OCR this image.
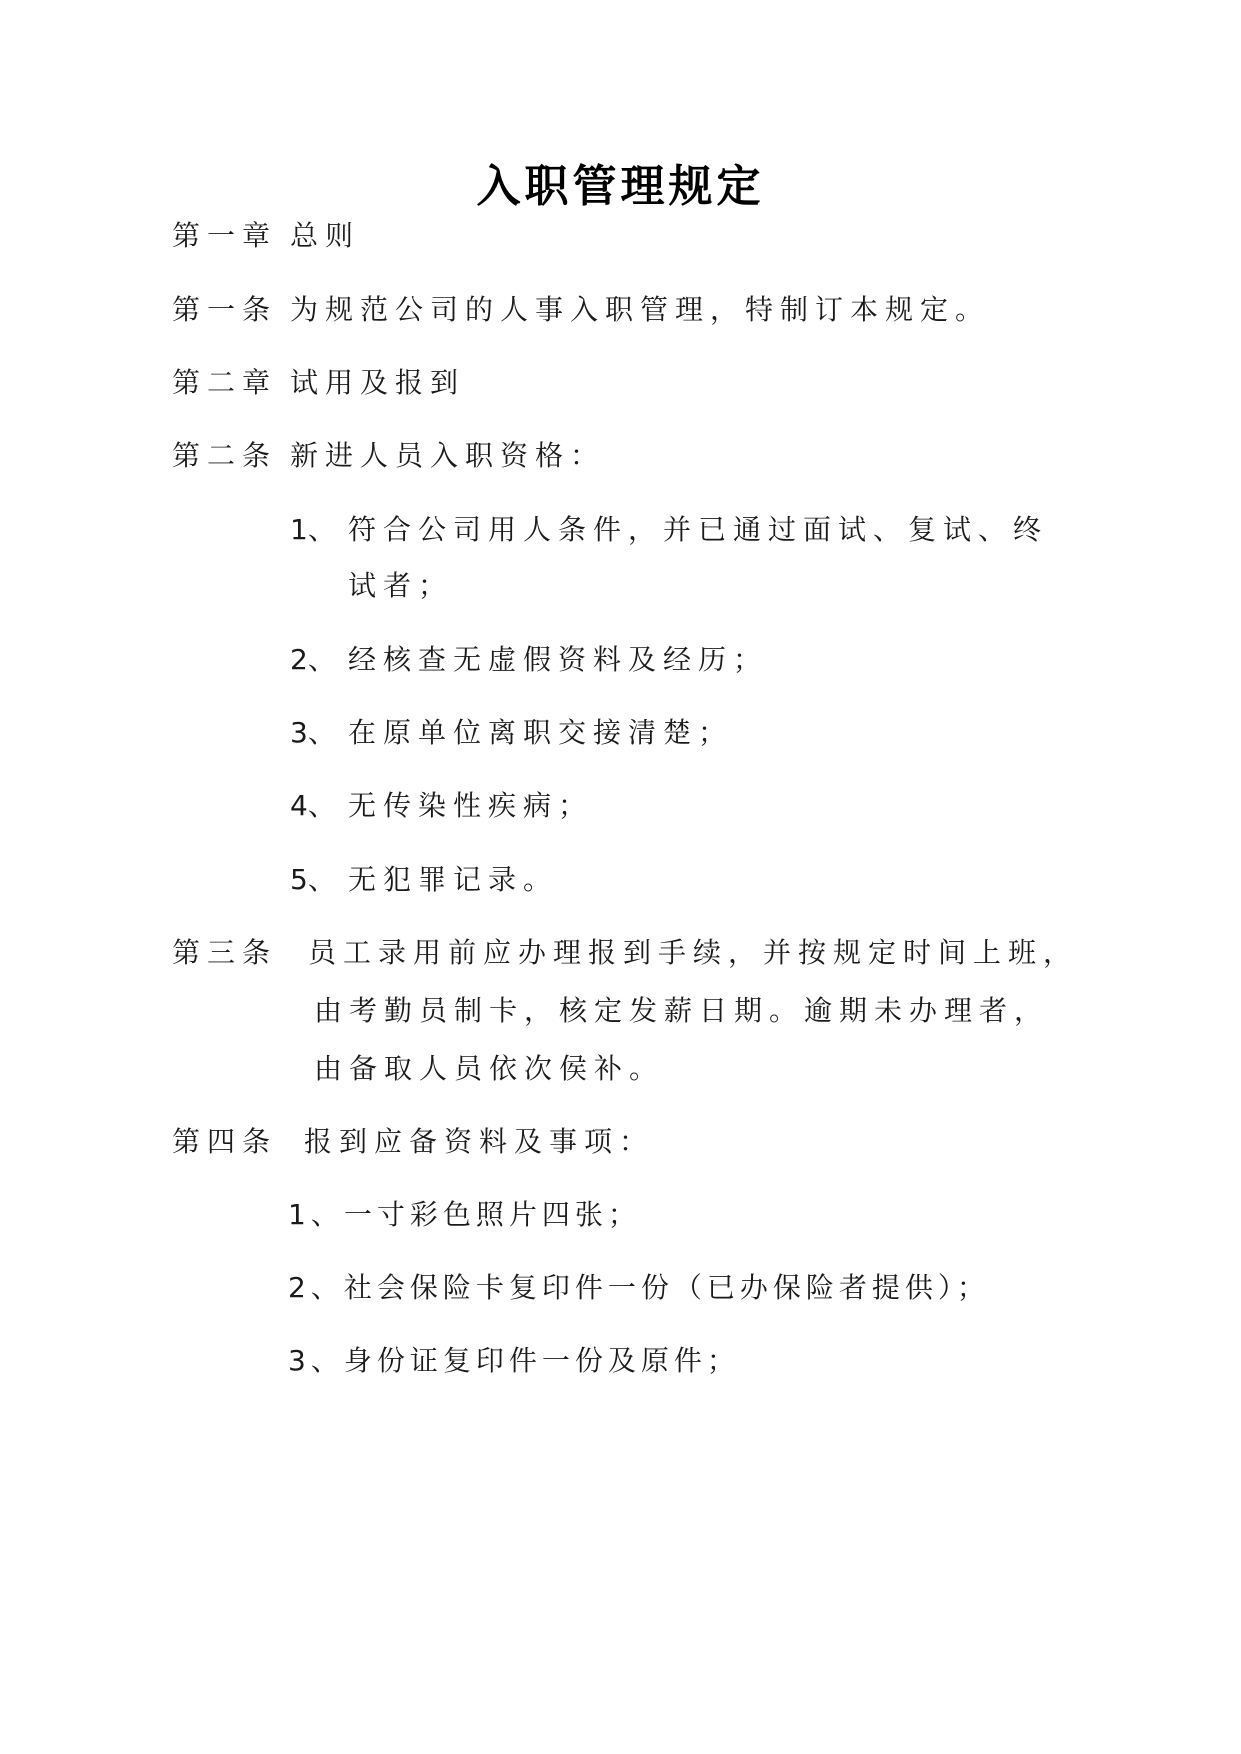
入职管理规定
第一章 总则
第一条 为规范公司的人事入职管理，特制订本规定。
第二章 试用及报到
第二条 新进人员入职资格：
1、 符合公司用人条件，并已通过面试、复试、终
试者；
2、 经核查无虚假资料及经历；
3、 在原单位离职交接清楚；
4、 无传染性疾病；
5、 无犯罪记录。
第三条 员工录用前应办理报到手续，并按规定时间上班，
由考勤员制卡，核定发薪日期。逾期未办理者，
由备取人员依次侯补。
第四条 报到应备资料及事项：
1、一寸彩色照片四张；
2、社会保险卡复印件一份（已办保险者提供）；
3、身份证复印件一份及原件；
